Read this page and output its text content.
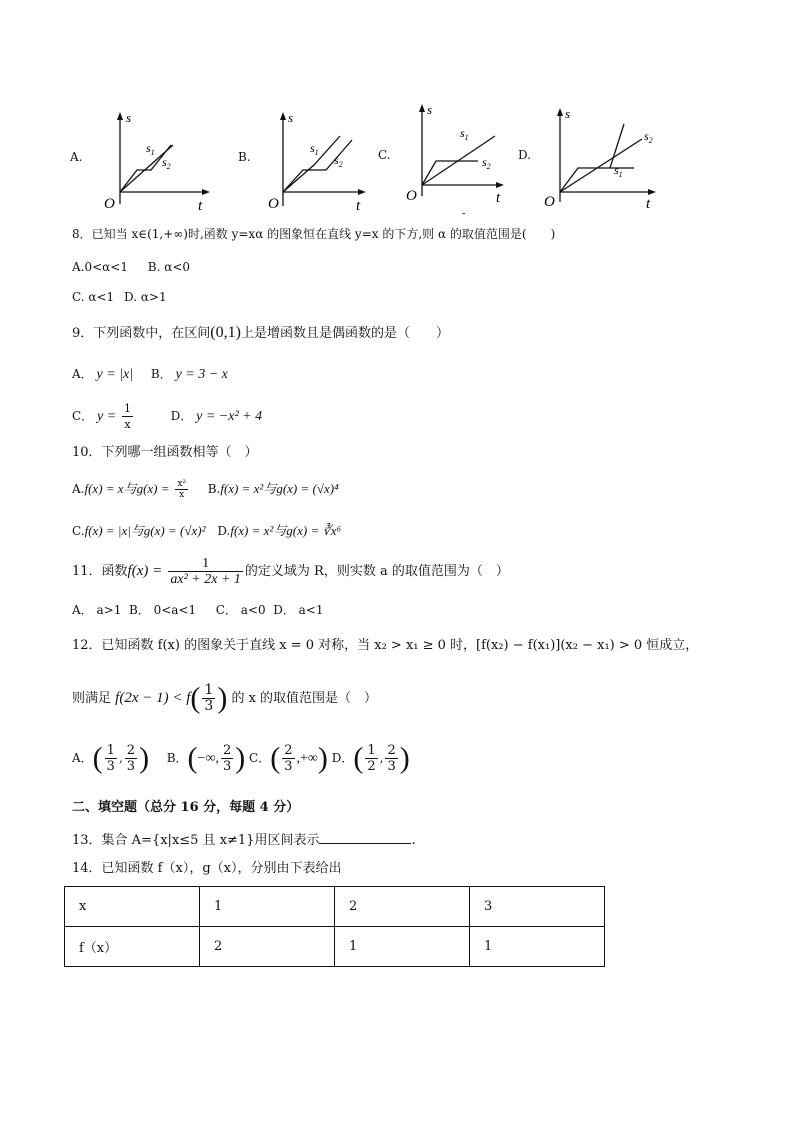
A.
s
O	t
$s_1$
$s_2$
B.
s
O	t
$s_1$
$s_2$
C.
s
O	t
$s_1$
$s_2$
-
D.
s
O	t
$s_2$
$s_1$
8．已知当 x∈(1,+∞)时,函数 y=xα 的图象恒在直线 y=x 的下方,则 α 的取值范围是(　　)
A.0<α<1 B. α<0
C. α<1 D. α>1
9．下列函数中，在区间(0,1)上是增函数且是偶函数的是（　　）
A． y = |x| B． y = 3 − x
C． $y = \frac{1}{x}$	D． y = −x² + 4
10．下列哪一组函数相等（　）
A.f(x) = x与$g(x) = \frac{\text{x²}}{x} B.f(x) = x^2$与g(x) = (√x)⁴
C.f(x) = |x|与g(x) = (√x)² D.f(x) = x²与g(x) = ∛x⁶
11．函数$f(x) = \frac{1}{\text{ax² + 2x + 1}}$ 的定义域为 R，则实数 a 的取值范围为（　）
A． a>1  B． 0<a<1　  C． a<0  D． a<1
12．已知函数 f(x) 的图象关于直线 x = 0 对称，当 x₂ > x₁ ≥ 0 时，[f(x₂) − f(x₁)](x₂ − x₁) > 0 恒成立，
则满足 $f(2x - 1) < f( \frac{1}{3}$ ) 的 x 的取值范围是（　）
A．( $\frac{1}{3}$ , $\frac{2}{3}$ ) B．(−∞, $\frac{2}{3}$ ) C．( $\frac{2}{3}$ ,+∞) D．( $\frac{1}{2}$ , $\frac{2}{3}$ )
二、填空题（总分 16 分，每题 4 分）
13．集合 A={x|x≤5 且 x≠1}用区间表示	.
14．已知函数 f（x），g（x），分别由下表给出
x	1	2	3
f（x）	2	1	1
